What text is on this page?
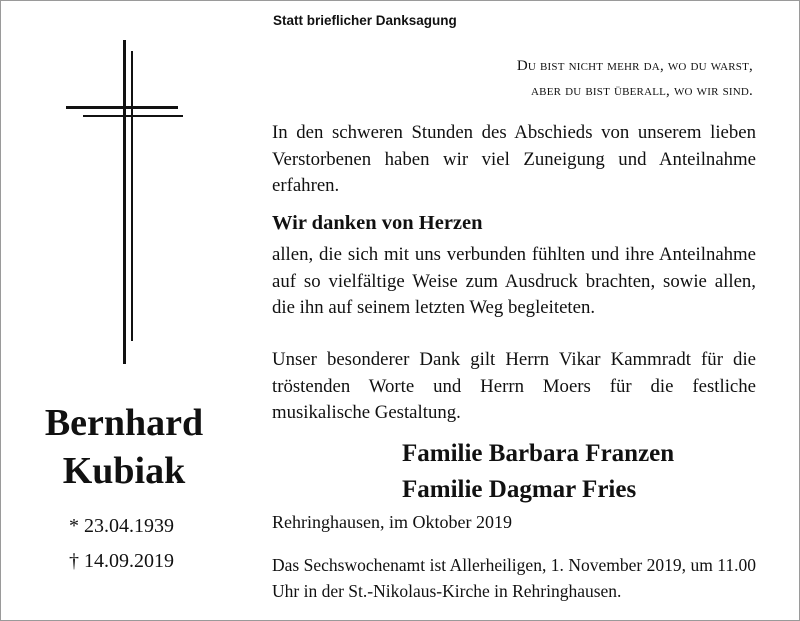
Bernhard
Kubiak
* 23.04.1939
† 14.09.2019
Statt brieflicher Danksagung
Du bist nicht mehr da, wo du warst,
aber du bist überall, wo wir sind.
In den schweren Stunden des Abschieds von unserem lieben Verstorbenen haben wir viel Zuneigung und Anteilnahme erfahren.
Wir danken von Herzen
allen, die sich mit uns verbunden fühlten und ihre Anteilnahme auf so vielfältige Weise zum Ausdruck brachten, sowie allen, die ihn auf seinem letzten Weg begleiteten.
Unser besonderer Dank gilt Herrn Vikar Kammradt für die tröstenden Worte und Herrn Moers für die festliche musikalische Gestaltung.
Familie Barbara Franzen
Familie Dagmar Fries
Rehringhausen, im Oktober 2019
Das Sechswochenamt ist Allerheiligen, 1. November 2019, um 11.00 Uhr in der St.-Nikolaus-Kirche in Rehringhausen.
